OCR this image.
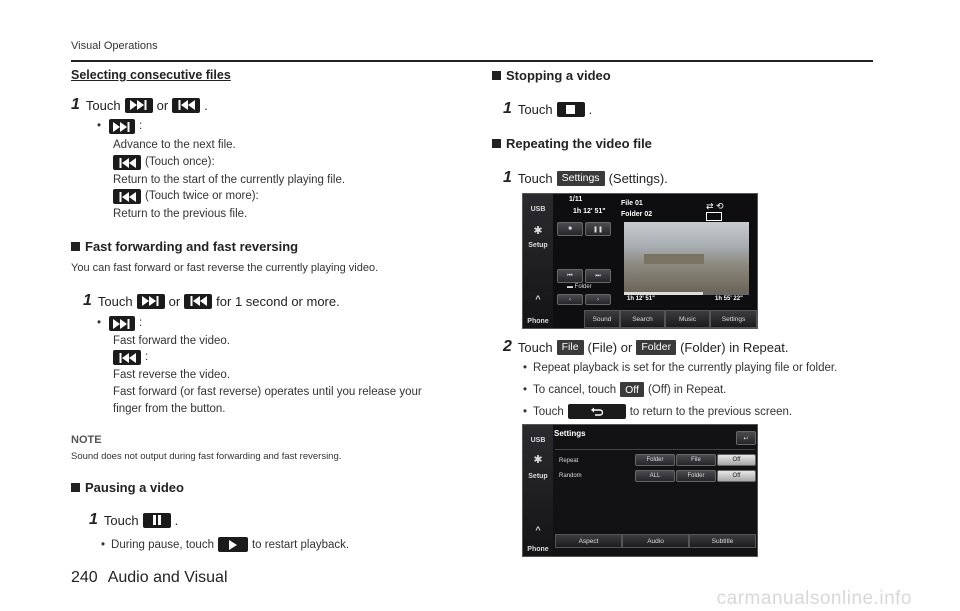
Visual Operations
240 Audio and Visual
carmanualsonline.info
Selecting consecutive files
1 Touch	or	.
•	:
Advance to the next file.
(Touch once):
Return to the start of the currently playing file.
(Touch twice or more):
Return to the previous file.
Fast forwarding and fast reversing
You can fast forward or fast reverse the currently playing video.
1 Touch	or	for 1 second or more.
•	:
Fast forward the video.
:
Fast reverse the video.
Fast forward (or fast reverse) operates until you release your
finger from the button.
NOTE
Sound does not output during fast forwarding and fast reversing.
Pausing a video
1 Touch	.
• During pause, touch	to restart playback.
Stopping a video
1 Touch	.
Repeating the video file
1 Touch Settings (Settings).
USB
✱
Setup
^
Phone
1/11
1h 12' 51"
File 01
Folder 02
⇄ ⟲
■	❚❚
⏮	⏭
‹	›
▬ Folder
1h 12' 51"	1h 55' 22"
Sound	Search	Music	Settings
2 Touch File (File) or Folder (Folder) in Repeat.
• Repeat playback is set for the currently playing file or folder.
• To cancel, touch Off (Off) in Repeat.
• Touch	to return to the previous screen.
USB
✱
Setup
^
Phone
Settings
↩
Repeat	Folder	File	Off
Random	ALL	Folder	Off
Aspect	Audio	Subtitle
